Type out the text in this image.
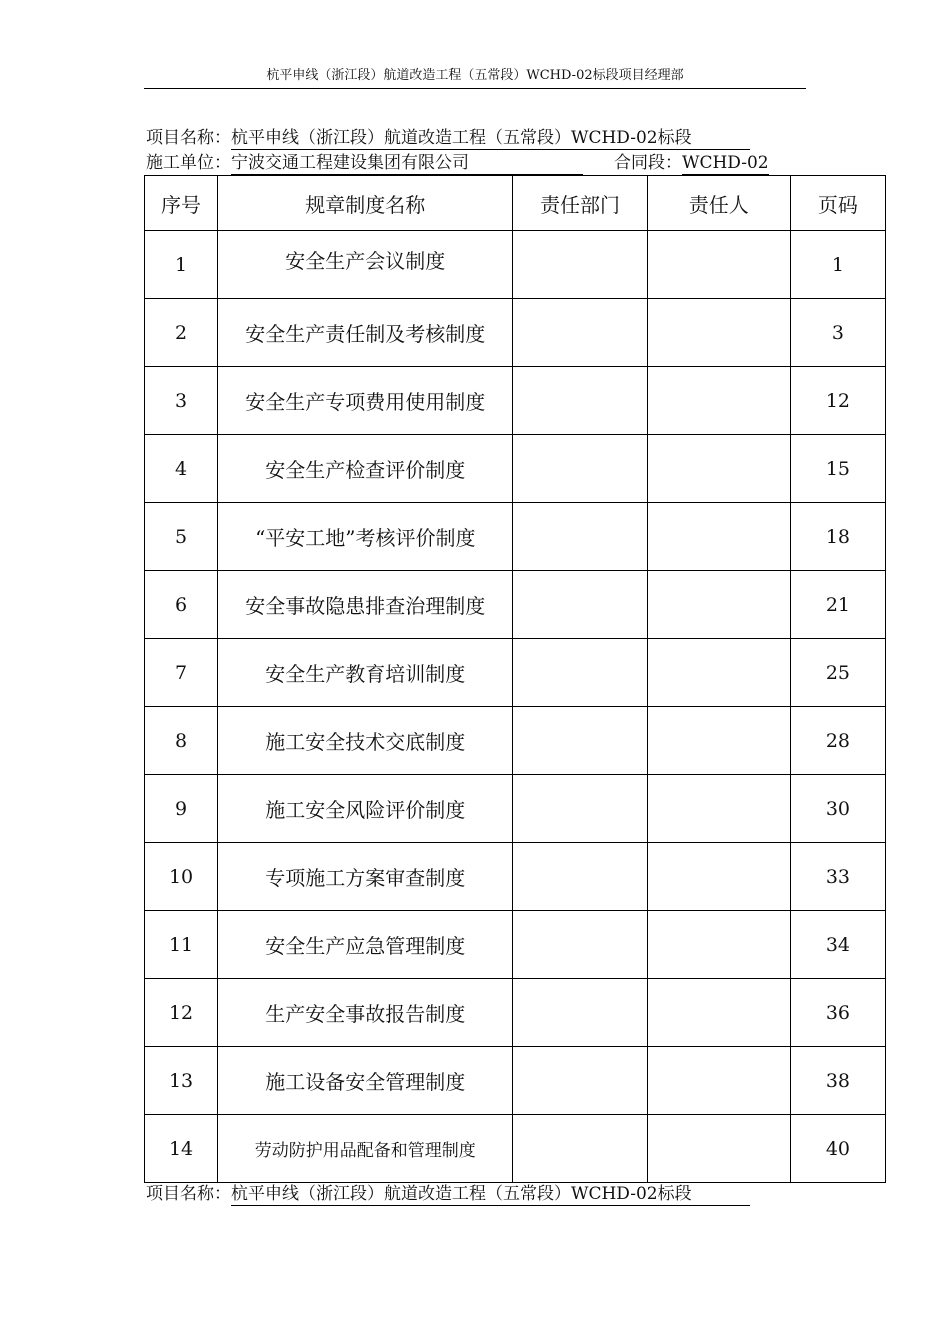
杭平申线（浙江段）航道改造工程（五常段）WCHD-02标段项目经理部
项目名称：杭平申线（浙江段）航道改造工程（五常段）WCHD-02标段
施工单位：宁波交通工程建设集团有限公司	合同段：WCHD-02
序号	规章制度名称	责任部门	责任人	页码
1	安全生产会议制度			1
2	安全生产责任制及考核制度			3
3	安全生产专项费用使用制度			12
4	安全生产检查评价制度			15
5	“平安工地”考核评价制度			18
6	安全事故隐患排查治理制度			21
7	安全生产教育培训制度			25
8	施工安全技术交底制度			28
9	施工安全风险评价制度			30
10	专项施工方案审查制度			33
11	安全生产应急管理制度			34
12	生产安全事故报告制度			36
13	施工设备安全管理制度			38
14	劳动防护用品配备和管理制度			40
项目名称：杭平申线（浙江段）航道改造工程（五常段）WCHD-02标段
